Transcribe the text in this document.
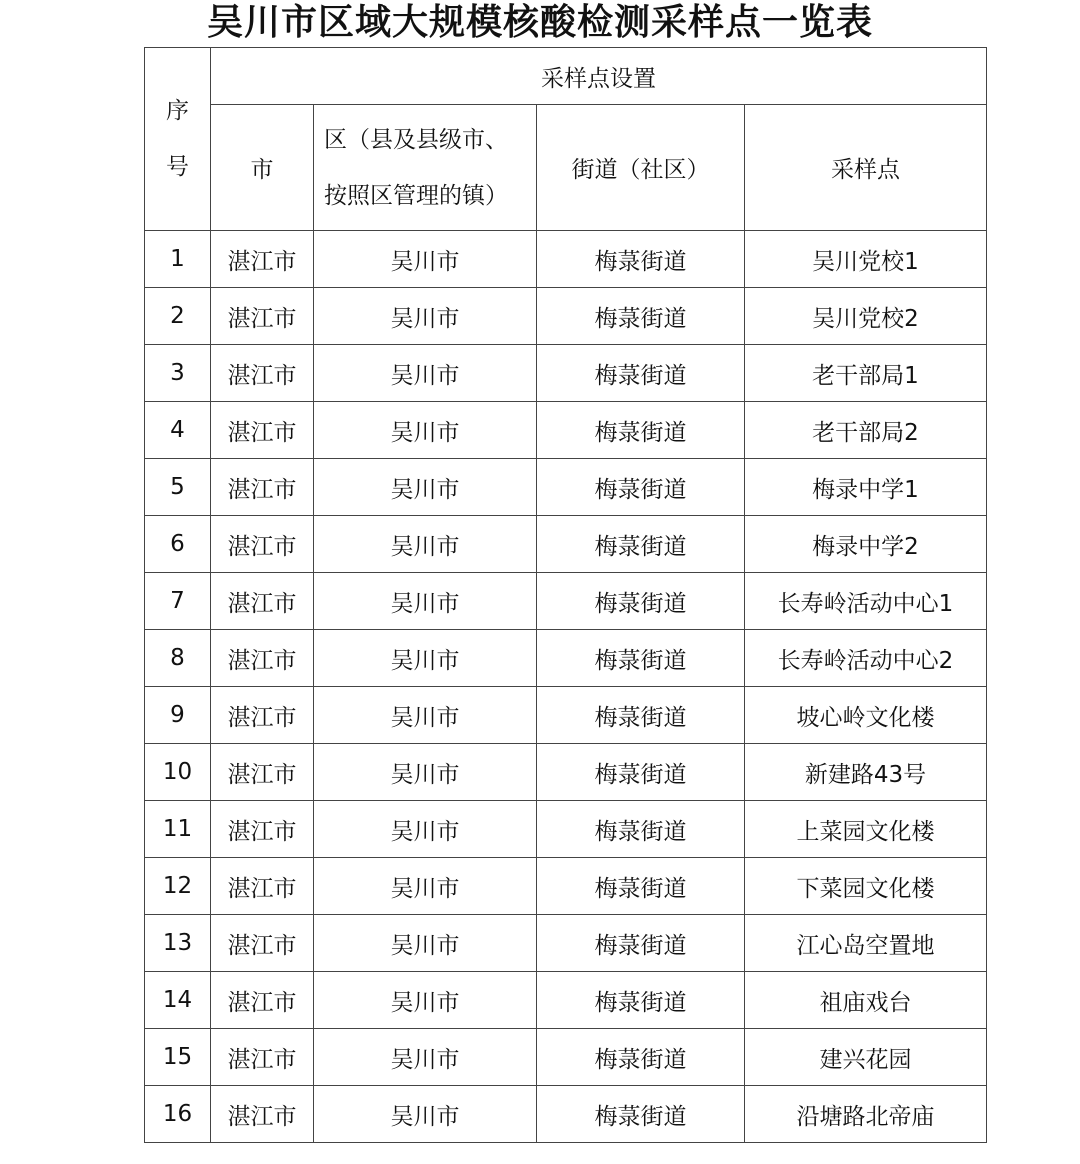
吴川市区域大规模核酸检测采样点一览表
序
号	采样点设置			
	市	区（县及县级市、
按照区管理的镇）	街道（社区）	采样点
1	湛江市	吴川市	梅菉街道	吴川党校1
2	湛江市	吴川市	梅菉街道	吴川党校2
3	湛江市	吴川市	梅菉街道	老干部局1
4	湛江市	吴川市	梅菉街道	老干部局2
5	湛江市	吴川市	梅菉街道	梅录中学1
6	湛江市	吴川市	梅菉街道	梅录中学2
7	湛江市	吴川市	梅菉街道	长寿岭活动中心1
8	湛江市	吴川市	梅菉街道	长寿岭活动中心2
9	湛江市	吴川市	梅菉街道	坡心岭文化楼
10	湛江市	吴川市	梅菉街道	新建路43号
11	湛江市	吴川市	梅菉街道	上菜园文化楼
12	湛江市	吴川市	梅菉街道	下菜园文化楼
13	湛江市	吴川市	梅菉街道	江心岛空置地
14	湛江市	吴川市	梅菉街道	祖庙戏台
15	湛江市	吴川市	梅菉街道	建兴花园
16	湛江市	吴川市	梅菉街道	沿塘路北帝庙
